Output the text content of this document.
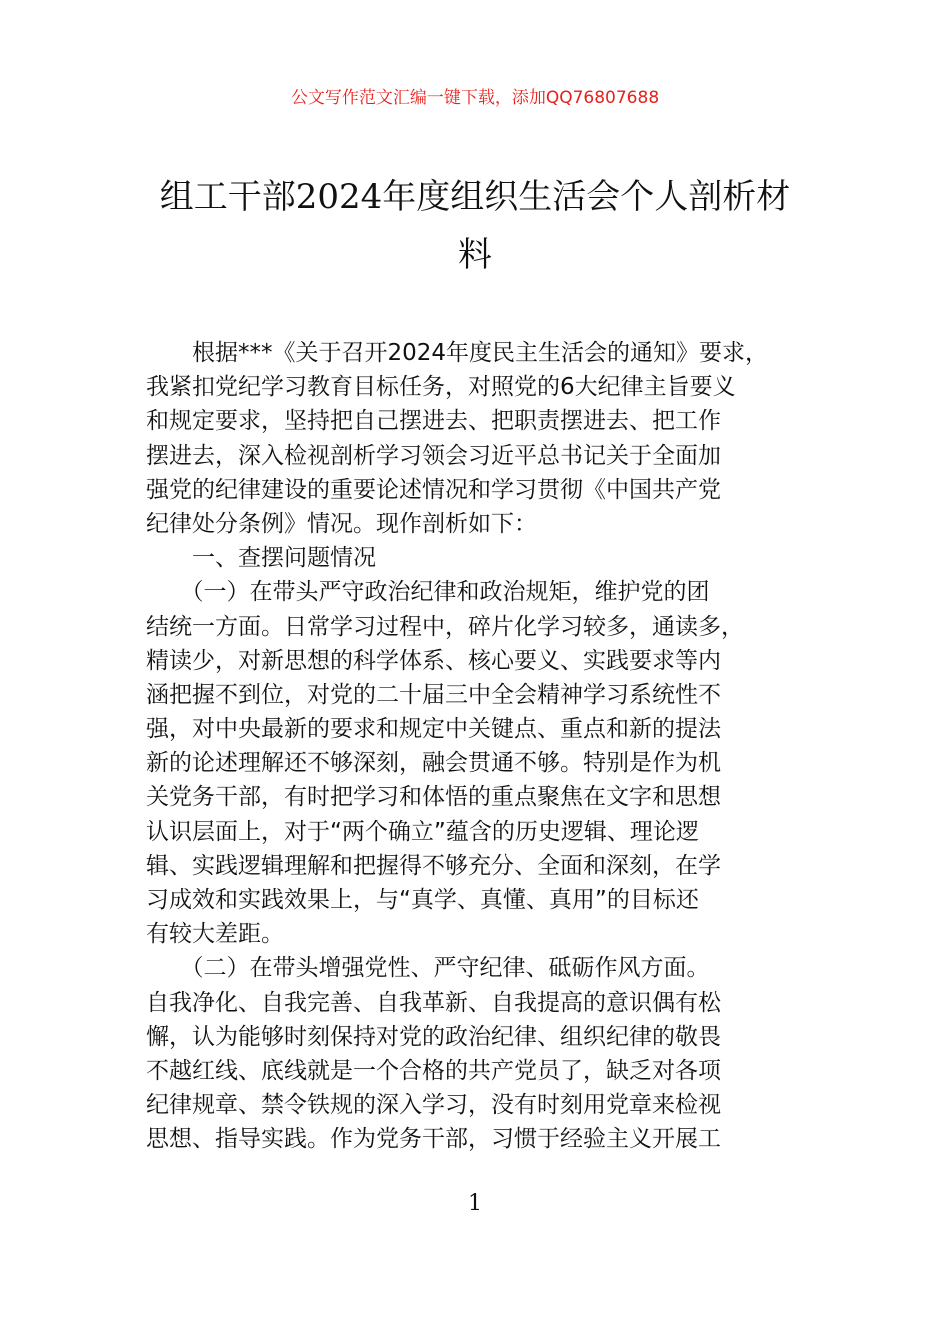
公文写作范文汇编一键下载，添加QQ76807688
组工干部2024年度组织生活会个人剖析材
料
　　根据***《关于召开2024年度民主生活会的通知》要求，
我紧扣党纪学习教育目标任务，对照党的6大纪律主旨要义
和规定要求，坚持把自己摆进去、把职责摆进去、把工作
摆进去，深入检视剖析学习领会习近平总书记关于全面加
强党的纪律建设的重要论述情况和学习贯彻《中国共产党
纪律处分条例》情况。现作剖析如下：
　　一、查摆问题情况
　　（一）在带头严守政治纪律和政治规矩，维护党的团
结统一方面。日常学习过程中，碎片化学习较多，通读多，
精读少，对新思想的科学体系、核心要义、实践要求等内
涵把握不到位，对党的二十届三中全会精神学习系统性不
强，对中央最新的要求和规定中关键点、重点和新的提法
新的论述理解还不够深刻，融会贯通不够。特别是作为机
关党务干部，有时把学习和体悟的重点聚焦在文字和思想
认识层面上，对于“两个确立”蕴含的历史逻辑、理论逻
辑、实践逻辑理解和把握得不够充分、全面和深刻，在学
习成效和实践效果上，与“真学、真懂、真用”的目标还
有较大差距。
　　（二）在带头增强党性、严守纪律、砥砺作风方面。
自我净化、自我完善、自我革新、自我提高的意识偶有松
懈，认为能够时刻保持对党的政治纪律、组织纪律的敬畏
不越红线、底线就是一个合格的共产党员了，缺乏对各项
纪律规章、禁令铁规的深入学习，没有时刻用党章来检视
思想、指导实践。作为党务干部，习惯于经验主义开展工
1
